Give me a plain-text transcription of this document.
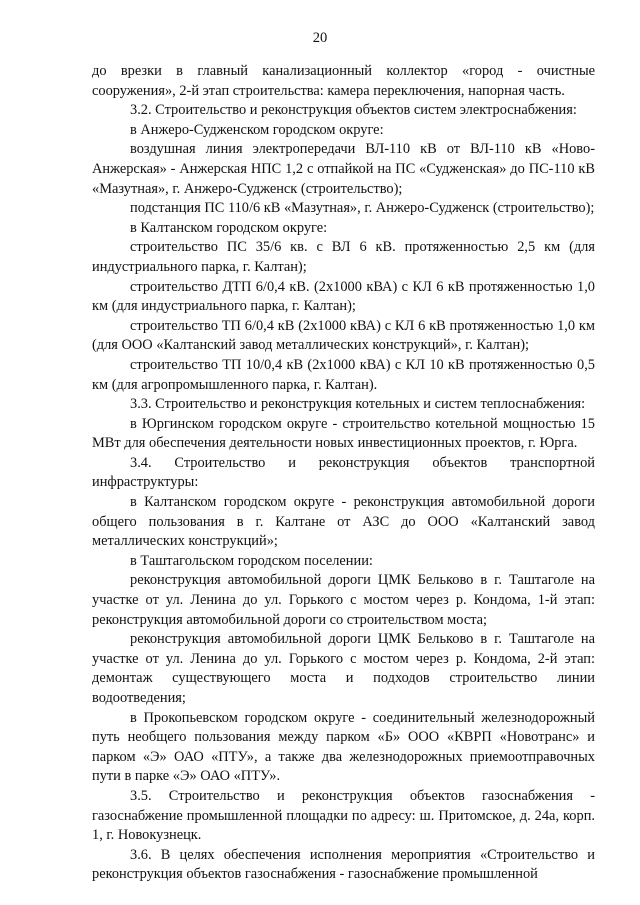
20

до врезки в главный канализационный коллектор «город - очистные сооружения», 2-й этап строительства: камера переключения, напорная часть.

3.2. Строительство и реконструкция объектов систем электроснабжения:

в Анжеро-Судженском городском округе:

воздушная линия электропередачи ВЛ-110 кВ от ВЛ-110 кВ «Ново-Анжерская» - Анжерская НПС 1,2 с отпайкой на ПС «Судженская» до ПС-110 кВ «Мазутная», г. Анжеро-Судженск (строительство);

подстанция ПС 110/6 кВ «Мазутная», г. Анжеро-Судженск (строительство);

в Калтанском городском округе:

строительство ПС 35/6 кв. с ВЛ 6 кВ. протяженностью 2,5 км (для индустриального парка, г. Калтан);

строительство ДТП 6/0,4 кВ. (2х1000 кВА) с КЛ 6 кВ протяженностью 1,0 км (для индустриального парка, г. Калтан);

строительство ТП 6/0,4 кВ (2х1000 кВА) с КЛ 6 кВ протяженностью 1,0 км (для ООО «Калтанский завод металлических конструкций», г. Калтан);

строительство ТП 10/0,4 кВ (2х1000 кВА) с КЛ 10 кВ протяженностью 0,5 км (для агропромышленного парка, г. Калтан).

3.3. Строительство и реконструкция котельных и систем теплоснабжения:

в Юргинском городском округе - строительство котельной мощностью 15 МВт для обеспечения деятельности новых инвестиционных проектов, г. Юрга.

3.4. Строительство и реконструкция объектов транспортной инфраструктуры:

в Калтанском городском округе - реконструкция автомобильной дороги общего пользования в г. Калтане от АЗС до ООО «Калтанский завод металлических конструкций»;

в Таштагольском городском поселении:

реконструкция автомобильной дороги ЦМК Бельково в г. Таштаголе на участке от ул. Ленина до ул. Горького с мостом через р. Кондома, 1-й этап: реконструкция автомобильной дороги со строительством моста;

реконструкция автомобильной дороги ЦМК Бельково в г. Таштаголе на участке от ул. Ленина до ул. Горького с мостом через р. Кондома, 2-й этап: демонтаж существующего моста и подходов строительство линии водоотведения;

в Прокопьевском городском округе - соединительный железнодорожный путь необщего пользования между парком «Б» ООО «КВРП «Новотранс» и парком «Э» ОАО «ПТУ», а также два железнодорожных приемоотправочных пути в парке «Э» ОАО «ПТУ».

3.5. Строительство и реконструкция объектов газоснабжения - газоснабжение промышленной площадки по адресу: ш. Притомское, д. 24а, корп. 1, г. Новокузнецк.

3.6. В целях обеспечения исполнения мероприятия «Строительство и реконструкция объектов газоснабжения - газоснабжение промышленной
